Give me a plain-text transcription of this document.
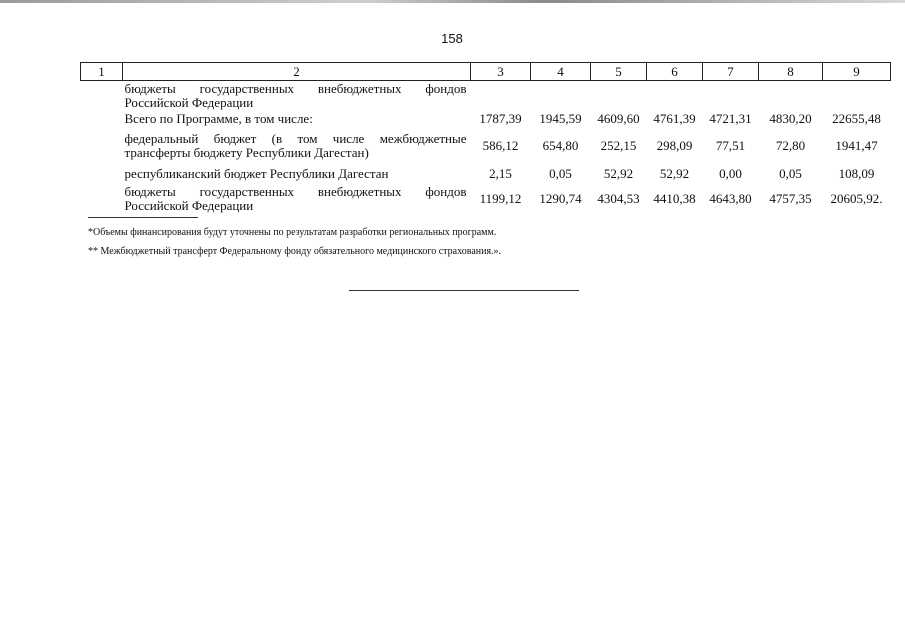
158
1	2	3	4	5	6	7	8	9

	бюджеты государственных внебюджетных фондов
Российской Федерации							

	Всего по Программе, в том числе:	1787,39	1945,59	4609,60	4761,39	4721,31	4830,20	22655,48

	федеральный бюджет (в том числе межбюджетные
трансферты бюджету Республики Дагестан)	586,12	654,80	252,15	298,09	77,51	72,80	1941,47

	республиканский бюджет Республики Дагестан	2,15	0,05	52,92	52,92	0,00	0,05	108,09

	бюджеты государственных внебюджетных фондов
Российской Федерации	1199,12	1290,74	4304,53	4410,38	4643,80	4757,35	20605,92.
*Объемы финансирования будут уточнены по результатам разработки региональных программ.
** Межбюджетный трансферт Федеральному фонду обязательного медицинского страхования.».
